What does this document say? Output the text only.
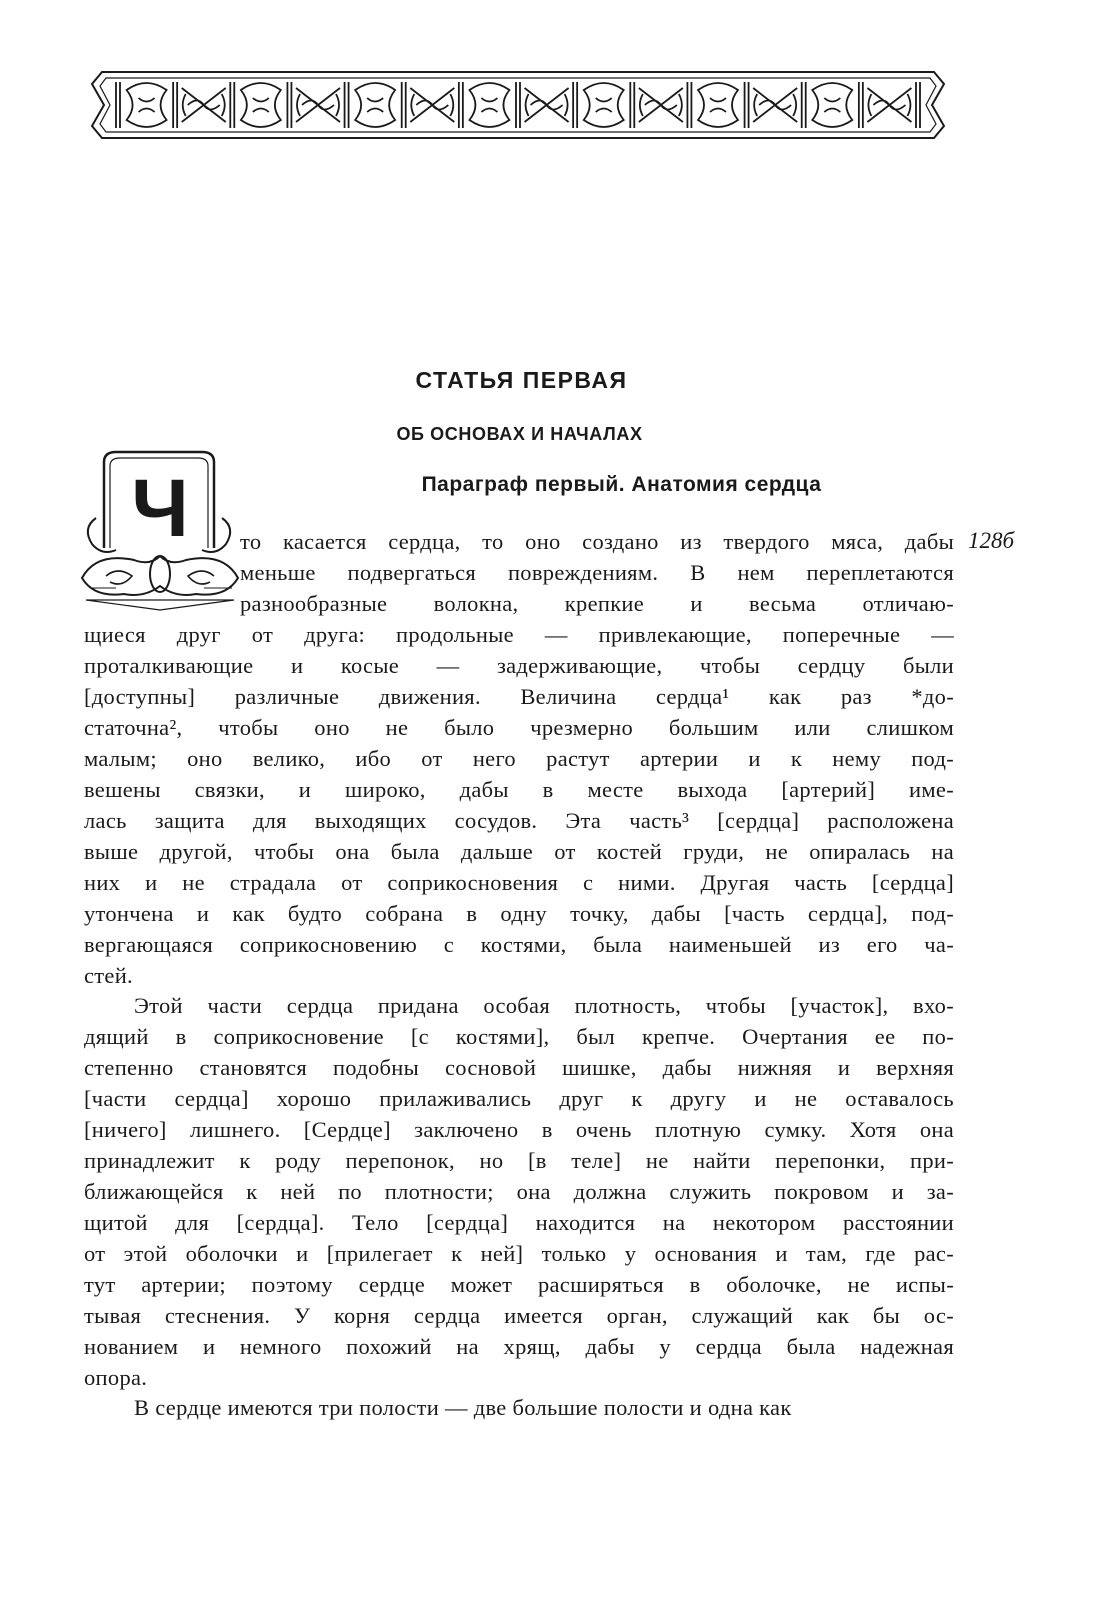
СТАТЬЯ ПЕРВАЯ
ОБ ОСНОВАХ И НАЧАЛАХ
Параграф первый. Анатомия сердца
Ч	128б
то касается сердца, то оно создано из твердого мяса, дабы
меньше подвергаться повреждениям. В нем переплетаются
разнообразные волокна, крепкие и весьма отличаю-
щиеся друг от друга: продольные — привлекающие, поперечные —
проталкивающие и косые — задерживающие, чтобы сердцу были
[доступны] различные движения. Величина сердца¹ как раз *до-
статочна², чтобы оно не было чрезмерно большим или слишком
малым; оно велико, ибо от него растут артерии и к нему под-
вешены связки, и широко, дабы в месте выхода [артерий] име-
лась защита для выходящих сосудов. Эта часть³ [сердца] расположена
выше другой, чтобы она была дальше от костей груди, не опиралась на
них и не страдала от соприкосновения с ними. Другая часть [сердца]
утончена и как будто собрана в одну точку, дабы [часть сердца], под-
вергающаяся соприкосновению с костями, была наименьшей из его ча-
стей.
Этой части сердца придана особая плотность, чтобы [участок], вхо-
дящий в соприкосновение [с костями], был крепче. Очертания ее по-
степенно становятся подобны сосновой шишке, дабы нижняя и верхняя
[части сердца] хорошо прилаживались друг к другу и не оставалось
[ничего] лишнего. [Сердце] заключено в очень плотную сумку. Хотя она
принадлежит к роду перепонок, но [в теле] не найти перепонки, при-
ближающейся к ней по плотности; она должна служить покровом и за-
щитой для [сердца]. Тело [сердца] находится на некотором расстоянии
от этой оболочки и [прилегает к ней] только у основания и там, где рас-
тут артерии; поэтому сердце может расширяться в оболочке, не испы-
тывая стеснения. У корня сердца имеется орган, служащий как бы ос-
нованием и немного похожий на хрящ, дабы у сердца была надежная
опора.
В сердце имеются три полости — две большие полости и одна как
